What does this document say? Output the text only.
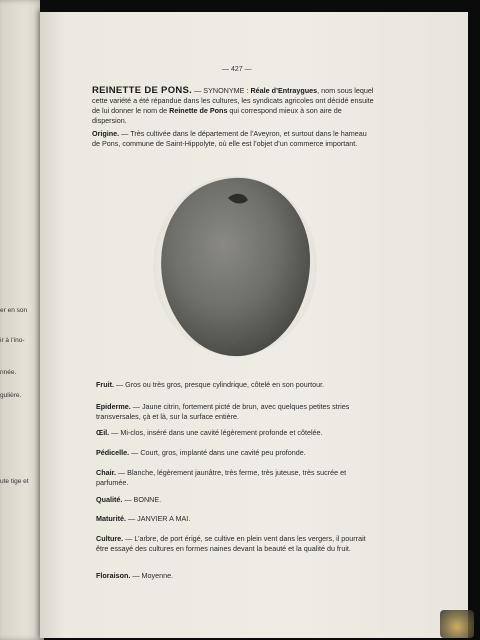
er en son
ir à l’ino-
nnée.
gulière.
ute tige et
— 427 —
REINETTE DE PONS. — SYNONYME : Réale d’Entraygues, nom sous lequel cette variété a été répandue dans les cultures, les syndicats agricoles ont décidé ensuite de lui donner le nom de Reinette de Pons qui correspond mieux à son aire de dispersion.
Origine. — Très cultivée dans le département de l’Aveyron, et surtout dans le hameau de Pons, commune de Saint-Hippolyte, où elle est l’objet d’un commerce important.
Fruit. — Gros ou très gros, presque cylindrique, côtelé en son pourtour.
Epiderme. — Jaune citrin, fortement picté de brun, avec quelques petites stries transversales, çà et là, sur la surface entière.
Œil. — Mi-clos, inséré dans une cavité légèrement profonde et côtelée.
Pédicelle. — Court, gros, implanté dans une cavité peu profonde.
Chair. — Blanche, légèrement jaunâtre, très ferme, très juteuse, très sucrée et parfumée.
Qualité. — BONNE.
Maturité. — JANVIER A MAI.
Culture. — L’arbre, de port érigé, se cultive en plein vent dans les vergers, il pourrait être essayé des cultures en formes naines devant la beauté et la qualité du fruit.
Floraison. — Moyenne.
